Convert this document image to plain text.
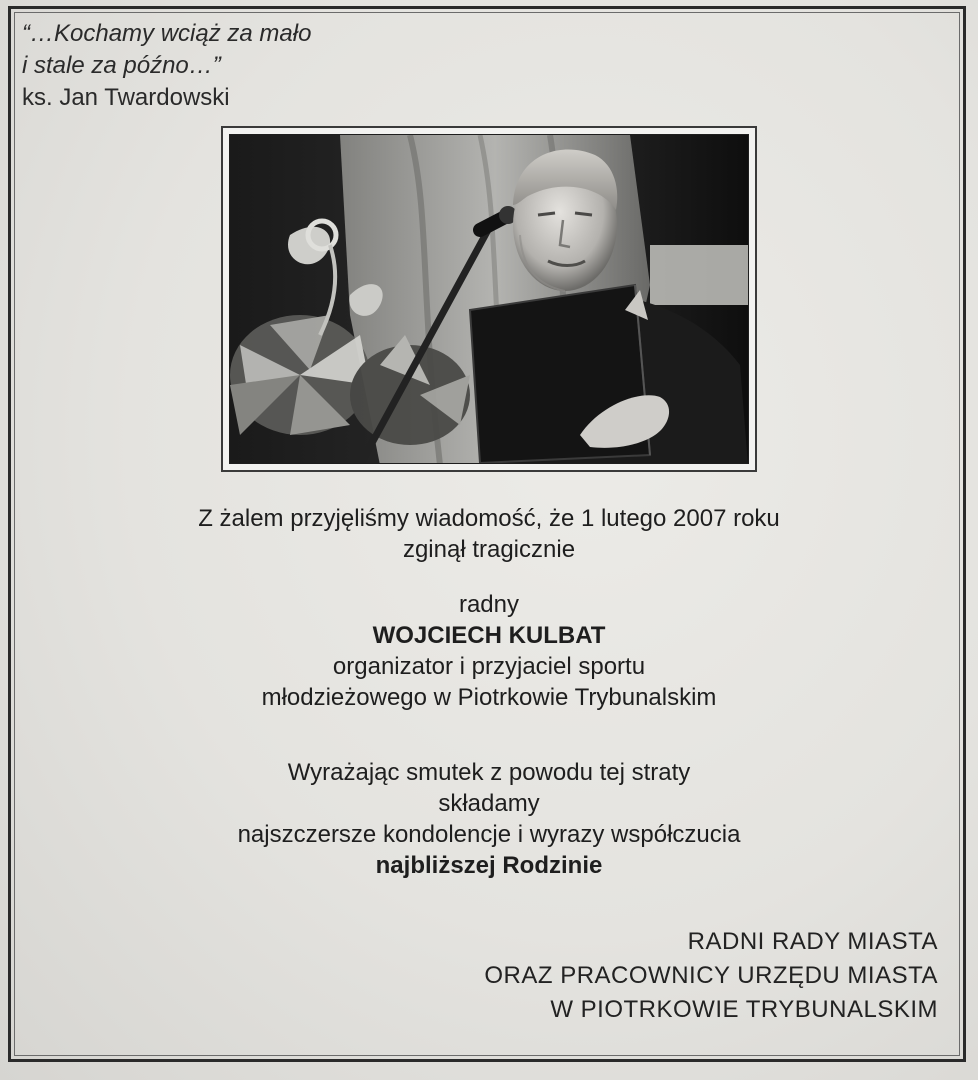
“…Kochamy wciąż za mało
i stale za późno…”
ks. Jan Twardowski
Z żalem przyjęliśmy wiadomość, że 1 lutego 2007 roku
zginął tragicznie
radny
WOJCIECH KULBAT
organizator i przyjaciel sportu
młodzieżowego w Piotrkowie Trybunalskim
Wyrażając smutek z powodu tej straty
składamy
najszczersze kondolencje i wyrazy współczucia
najbliższej Rodzinie
RADNI RADY MIASTA
ORAZ PRACOWNICY URZĘDU MIASTA
W PIOTRKOWIE TRYBUNALSKIM
